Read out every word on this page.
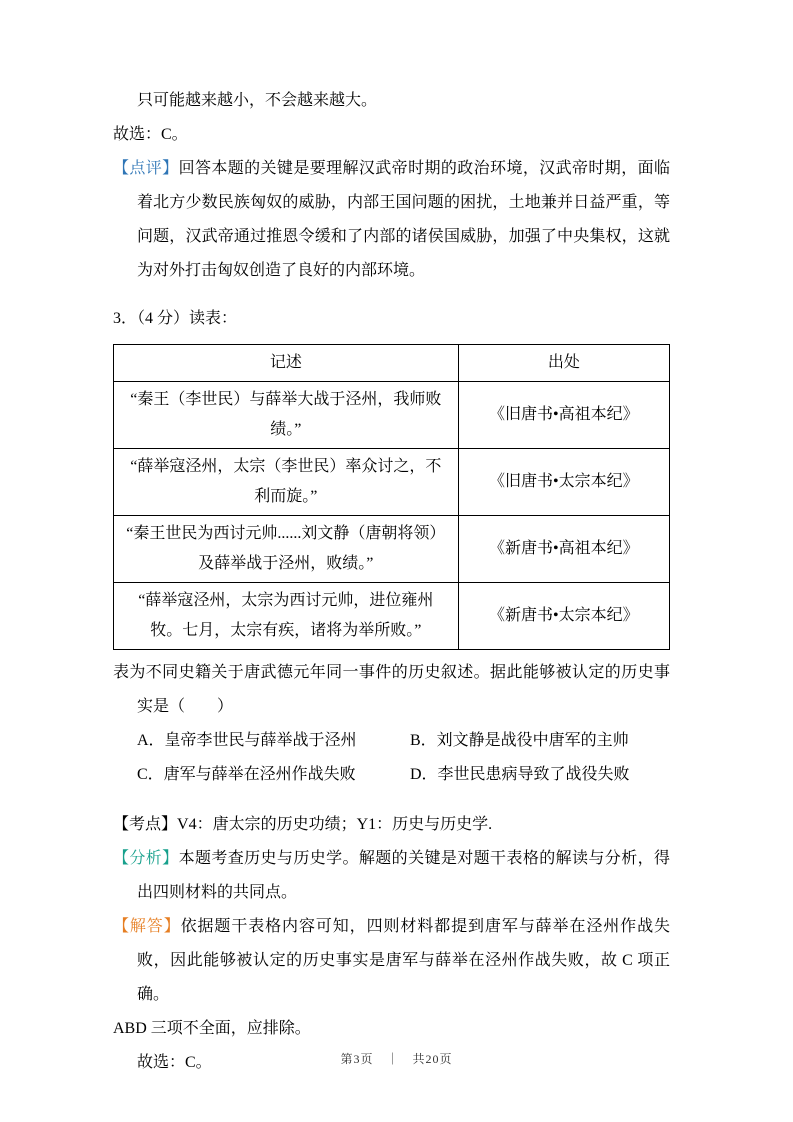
只可能越来越小，不会越来越大。

故选：C。

【点评】回答本题的关键是要理解汉武帝时期的政治环境，汉武帝时期，面临着北方少数民族匈奴的威胁，内部王国问题的困扰，土地兼并日益严重，等问题，汉武帝通过推恩令缓和了内部的诸侯国威胁，加强了中央集权，这就为对外打击匈奴创造了良好的内部环境。

3．（4 分）读表：

记述	出处
“秦王（李世民）与薛举大战于泾州，我师败绩。”	《旧唐书•高祖本纪》
“薛举寇泾州，太宗（李世民）率众讨之，不利而旋。”	《旧唐书•太宗本纪》
“秦王世民为西讨元帅......刘文静（唐朝将领）及薛举战于泾州，败绩。”	《新唐书•高祖本纪》
“薛举寇泾州，太宗为西讨元帅，进位雍州牧。七月，太宗有疾，诸将为举所败。”	《新唐书•太宗本纪》

表为不同史籍关于唐武德元年同一事件的历史叙述。据此能够被认定的历史事实是（　　）

A．皇帝李世民与薛举战于泾州	B．刘文静是战役中唐军的主帅
C．唐军与薛举在泾州作战失败	D．李世民患病导致了战役失败

【考点】V4：唐太宗的历史功绩；Y1：历史与历史学.

【分析】本题考查历史与历史学。解题的关键是对题干表格的解读与分析，得出四则材料的共同点。

【解答】依据题干表格内容可知，四则材料都提到唐军与薛举在泾州作战失败，因此能够被认定的历史事实是唐军与薛举在泾州作战失败，故 C 项正确。

ABD 三项不全面，应排除。

故选：C。	第3页　｜　共20页
